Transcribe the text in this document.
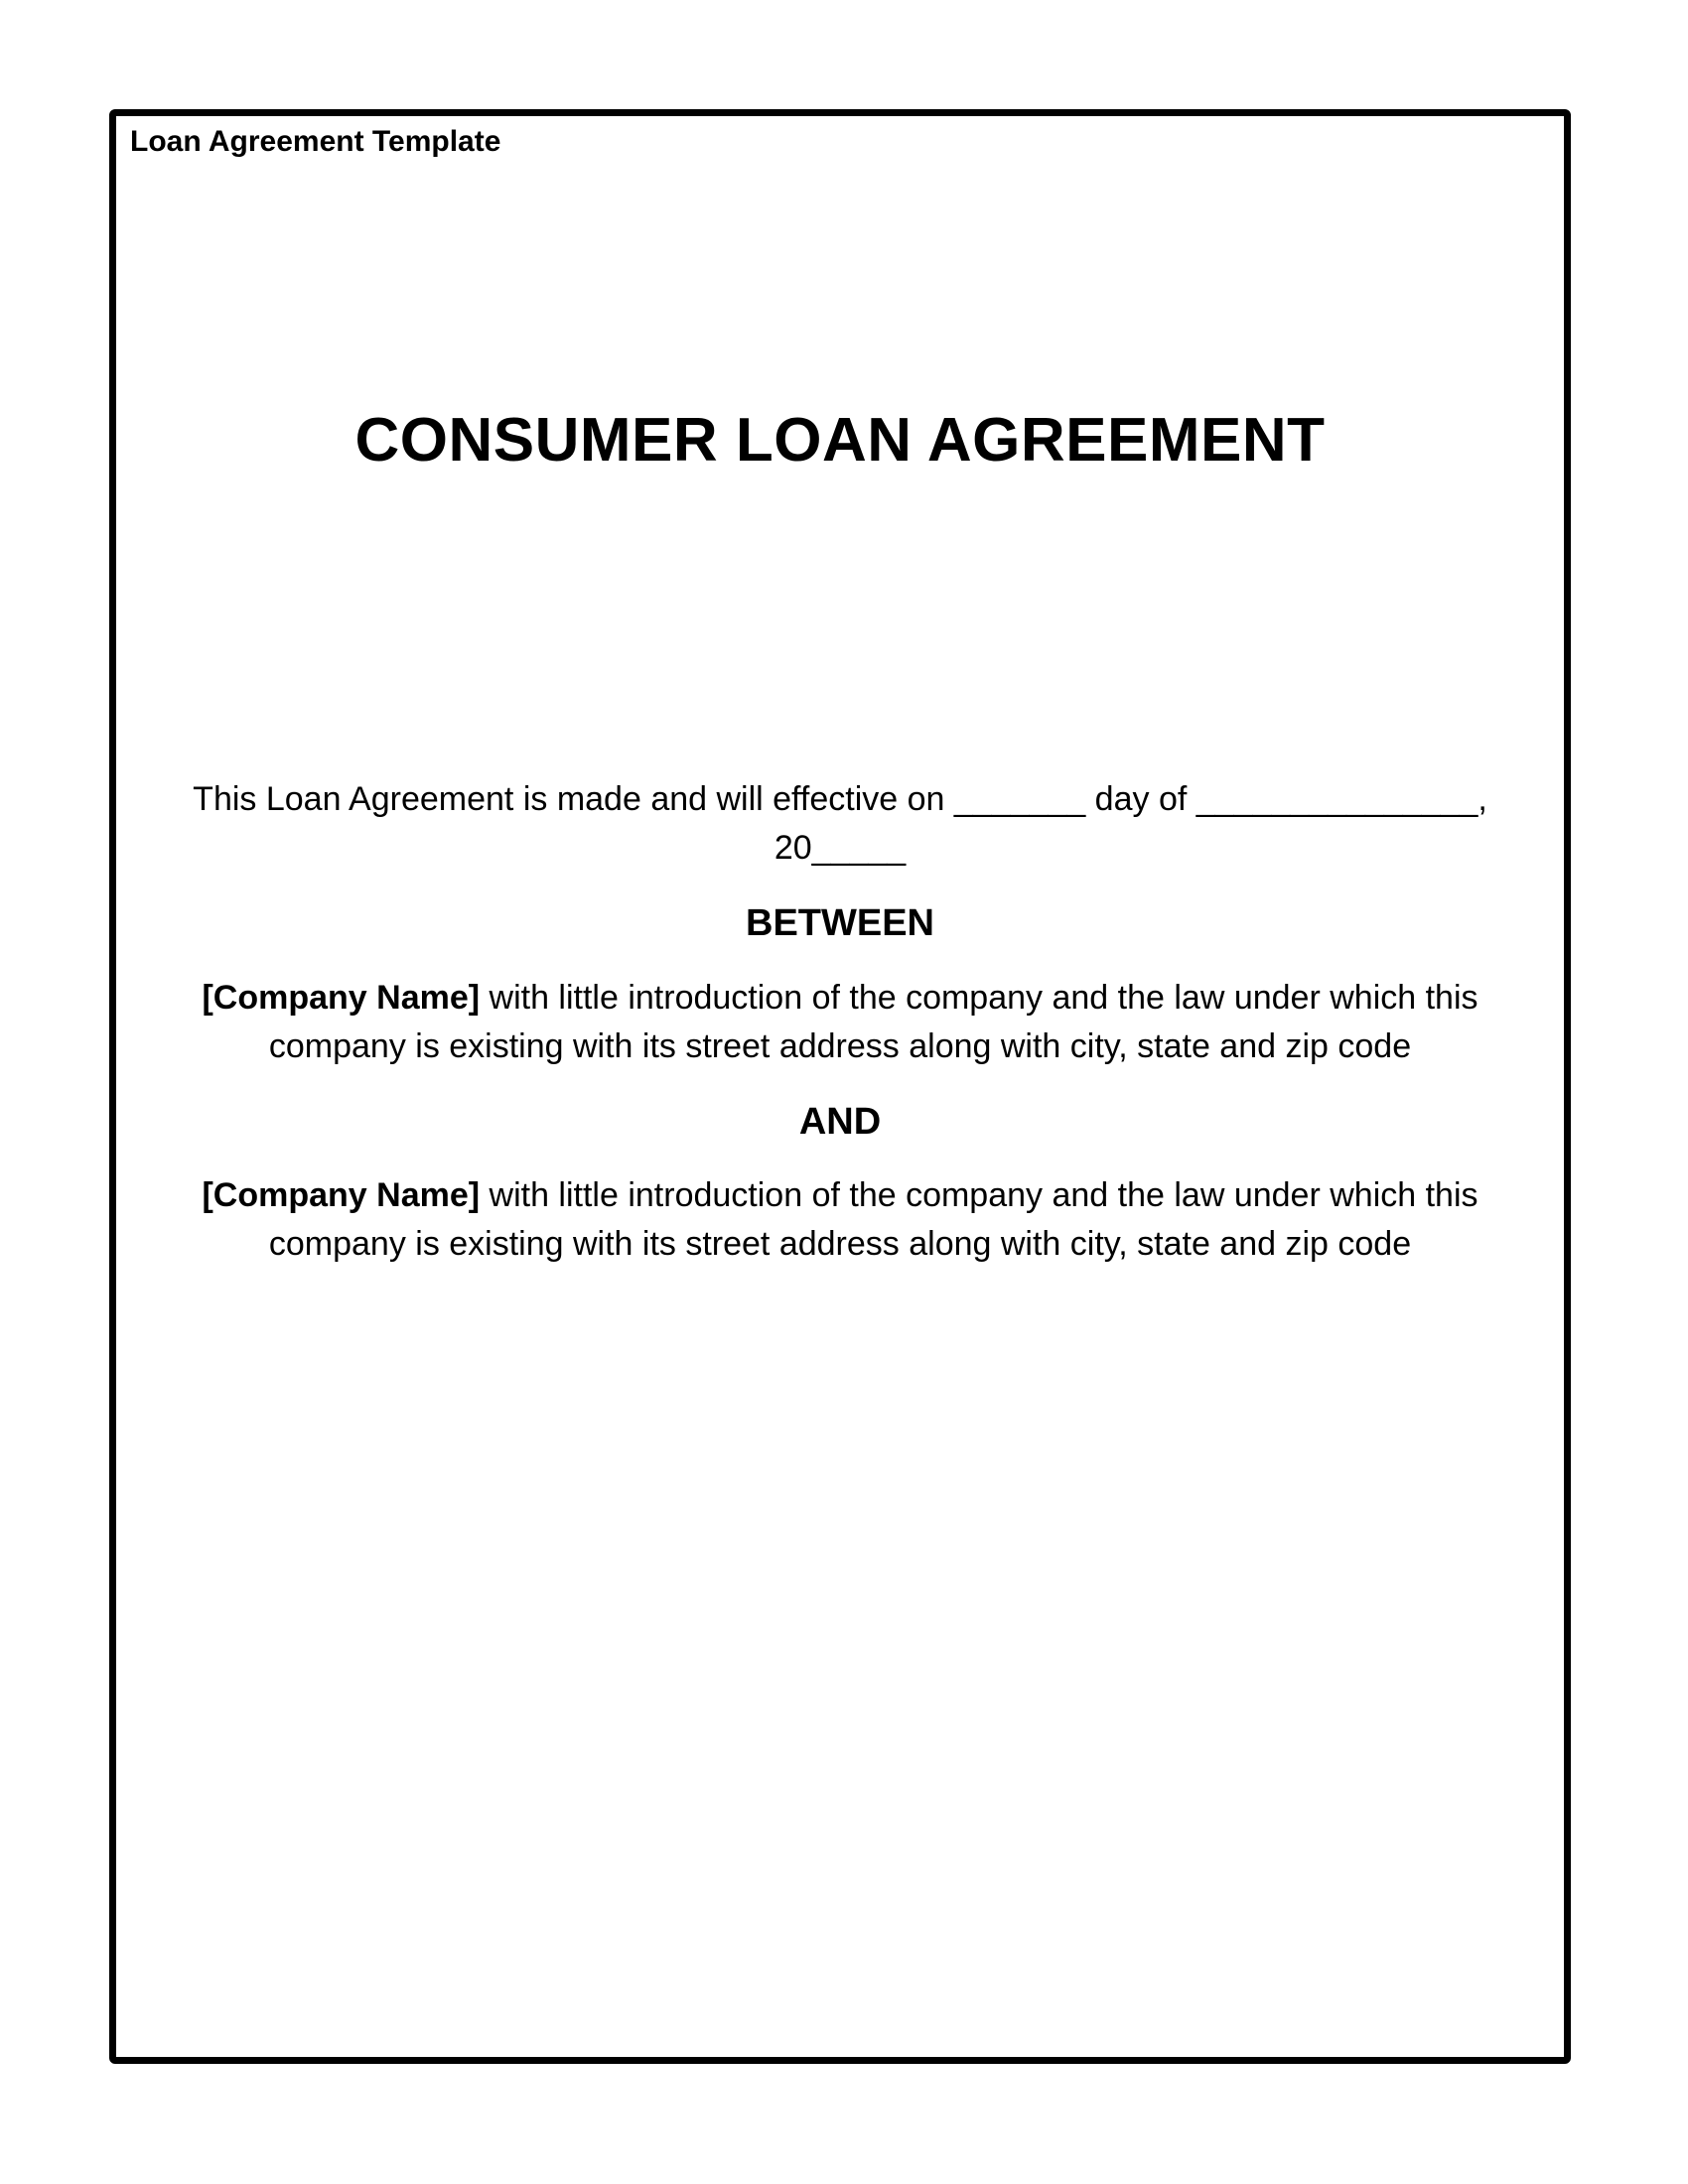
Loan Agreement Template
CONSUMER LOAN AGREEMENT

This Loan Agreement is made and will effective on _______ day of _______________,
20_____

BETWEEN

[Company Name] with little introduction of the company and the law under which this
company is existing with its street address along with city, state and zip code

AND

[Company Name] with little introduction of the company and the law under which this
company is existing with its street address along with city, state and zip code
